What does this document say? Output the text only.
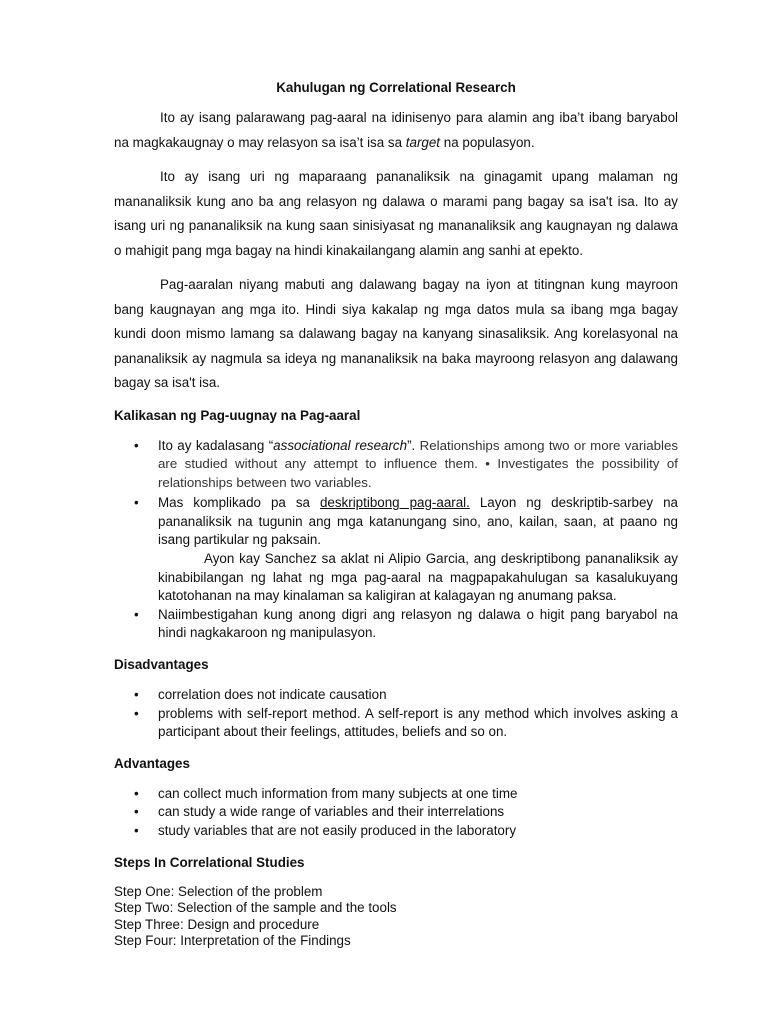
Kahulugan ng Correlational Research

Ito ay isang palarawang pag-aaral na idinisenyo para alamin ang iba’t ibang baryabol na magkakaugnay o may relasyon sa isa’t isa sa target na populasyon.

Ito ay isang uri ng maparaang pananaliksik na ginagamit upang malaman ng mananaliksik kung ano ba ang relasyon ng dalawa o marami pang bagay sa isa't isa. Ito ay isang uri ng pananaliksik na kung saan sinisiyasat ng mananaliksik ang kaugnayan ng dalawa o mahigit pang mga bagay na hindi kinakailangang alamin ang sanhi at epekto.

Pag-aaralan niyang mabuti ang dalawang bagay na iyon at titingnan kung mayroon bang kaugnayan ang mga ito. Hindi siya kakalap ng mga datos mula sa ibang mga bagay kundi doon mismo lamang sa dalawang bagay na kanyang sinasaliksik. Ang korelasyonal na pananaliksik ay nagmula sa ideya ng mananaliksik na baka mayroong relasyon ang dalawang bagay sa isa't isa.

Kalikasan ng Pag-uugnay na Pag-aaral
• Ito ay kadalasang “associational research”. Relationships among two or more variables are studied without any attempt to influence them. • Investigates the possibility of relationships between two variables.
• Mas komplikado pa sa deskriptibong pag-aaral. Layon ng deskriptib-sarbey na pananaliksik na tugunin ang mga katanungang sino, ano, kailan, saan, at paano ng isang partikular ng paksain.
Ayon kay Sanchez sa aklat ni Alipio Garcia, ang deskriptibong pananaliksik ay kinabibilangan ng lahat ng mga pag-aaral na magpapakahulugan sa kasalukuyang katotohanan na may kinalaman sa kaligiran at kalagayan ng anumang paksa.
• Naiimbestigahan kung anong digri ang relasyon ng dalawa o higit pang baryabol na hindi nagkakaroon ng manipulasyon.
Disadvantages
• correlation does not indicate causation
• problems with self-report method. A self-report is any method which involves asking a participant about their feelings, attitudes, beliefs and so on.
Advantages
• can collect much information from many subjects at one time
• can study a wide range of variables and their interrelations
• study variables that are not easily produced in the laboratory
Steps In Correlational Studies
Step One: Selection of the problem
Step Two: Selection of the sample and the tools
Step Three: Design and procedure
Step Four: Interpretation of the Findings
